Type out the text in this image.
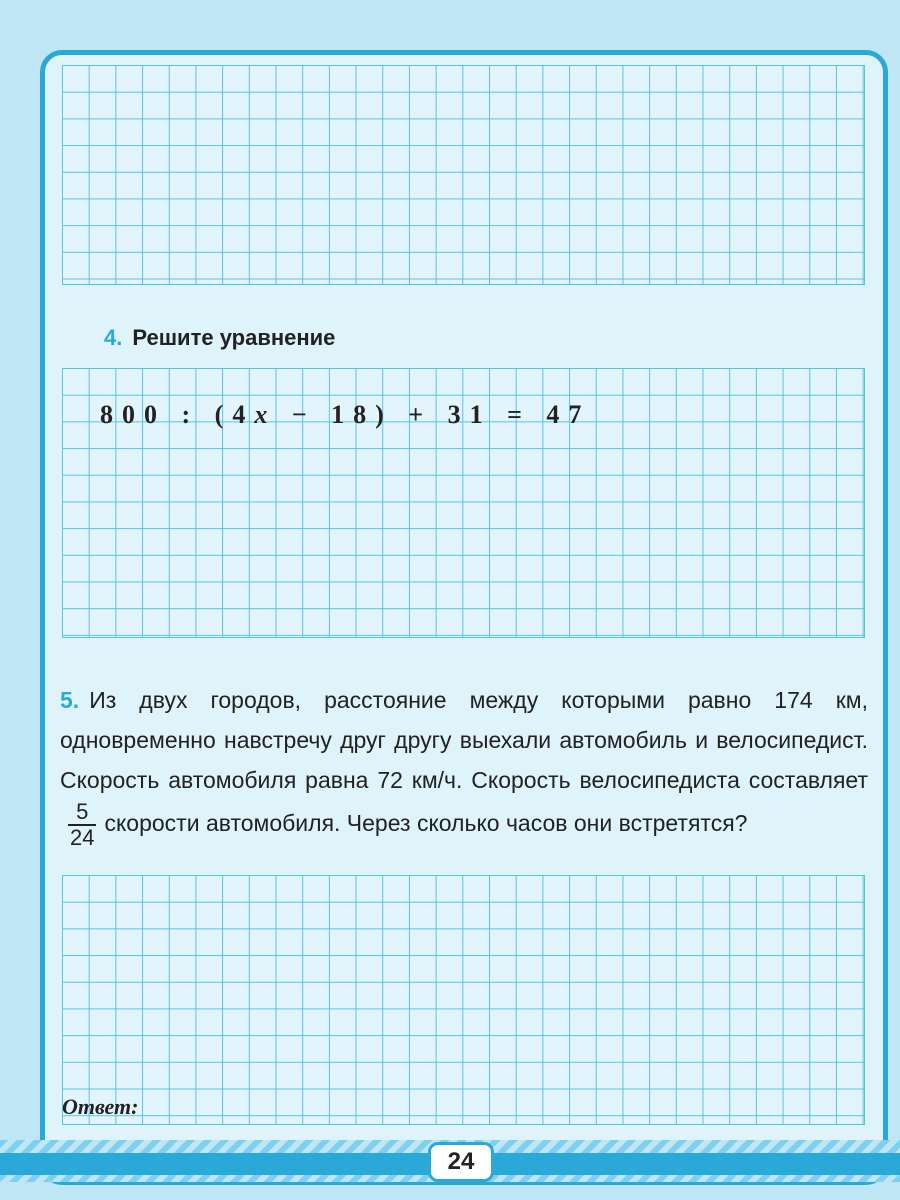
4. Решите уравнение
800 : (4x − 18) + 31 = 47
5. Из двух городов, расстояние между которыми равно 174 км, одновременно навстречу друг другу выехали автомобиль и велосипедист. Скорость автомобиля равна 72 км/ч. Скорость велосипедиста составляет
$\frac{5}{24}$ скорости автомобиля. Через сколько часов они встретятся?
Ответ:
24
